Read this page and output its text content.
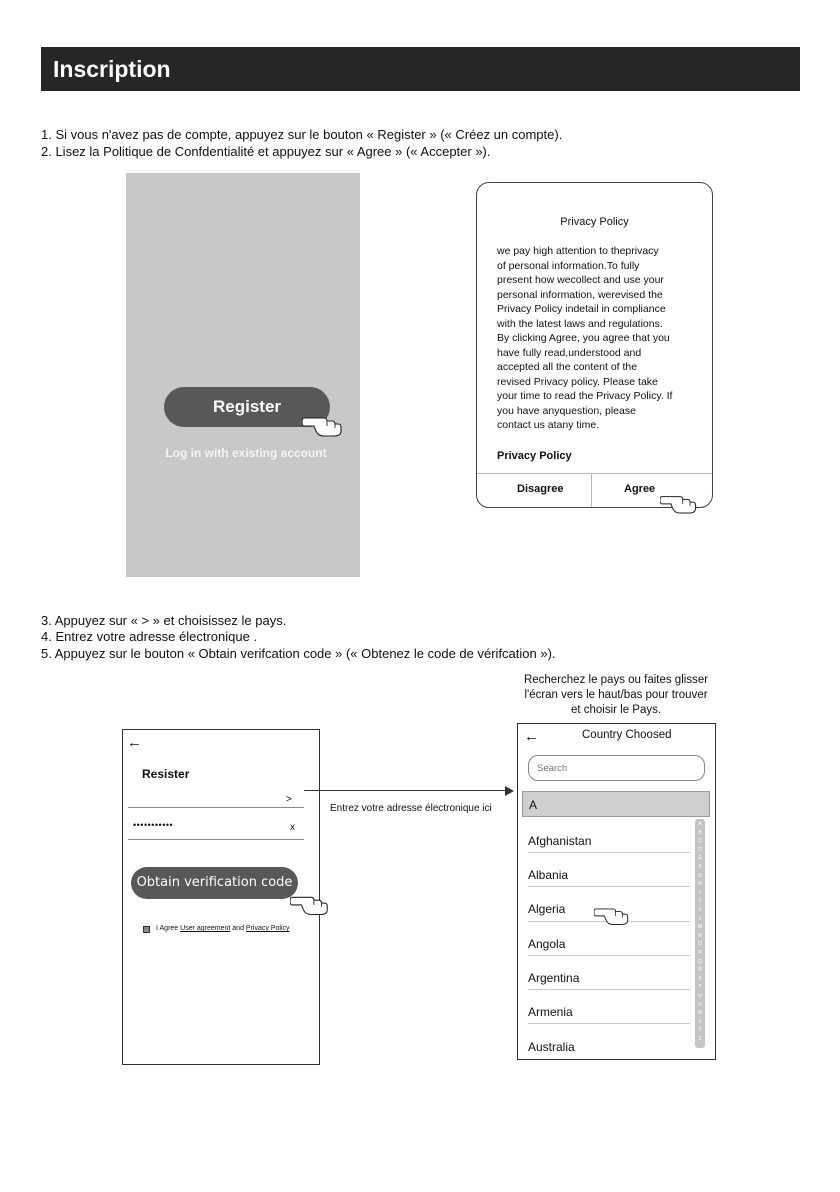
Inscription
1. Si vous n'avez pas de compte, appuyez sur le bouton « Register » (« Créez un compte).
2. Lisez la Politique de Confdentialité et appuyez sur « Agree » (« Accepter »).
Register
Log in with existing account
Privacy Policy
we pay high attention to theprivacy
of personal information.To fully
present how wecollect and use your
personal information, werevised the
Privacy Policy indetail in compliance
with the latest laws and regulations.
By clicking Agree, you agree that you
have fully read,understood and
accepted all the content of the
revised Privacy policy. Please take
your time to read the Privacy Policy. If
you have anyquestion, please
contact us atany time.
Privacy Policy
Disagree	Agree
3. Appuyez sur « > » et choisissez le pays.
4. Entrez votre adresse électronique .
5. Appuyez sur le bouton « Obtain verifcation code » (« Obtenez le code de vérifcation »).
←
Resister
>
•••••••••••	x
Obtain verification code
I Agree User agreement and Privacy Policy
Entrez votre adresse électronique ici
Recherchez le pays ou faites glisser
l'écran vers le haut/bas pour trouver
et choisir le Pays.
←	Country Choosed
Search
A
Afghanistan
Albania
Algeria
Angola
Argentina
Armenia
Australia
A
B
C
D
E
F
G
H
I
J
K
L
M
N
O
P
Q
R
S
T
U
V
W
X
Y
Z
